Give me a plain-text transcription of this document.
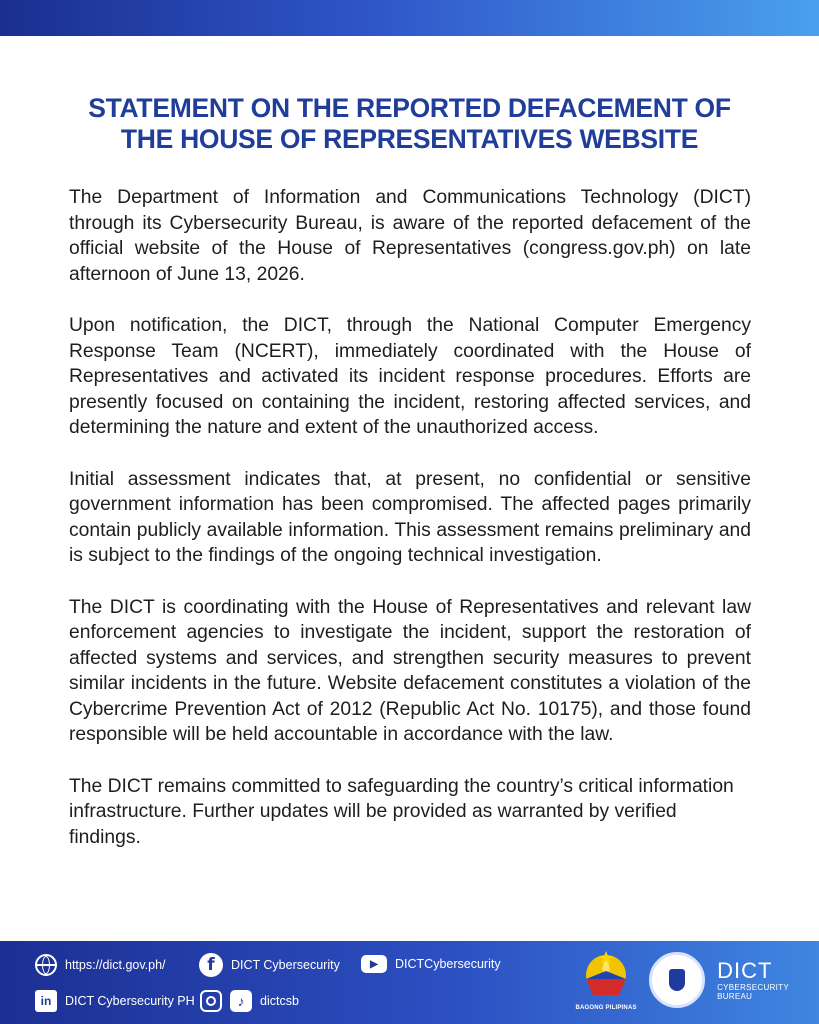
STATEMENT ON THE REPORTED DEFACEMENT OF
THE HOUSE OF REPRESENTATIVES WEBSITE

The Department of Information and Communications Technology (DICT) through its Cybersecurity Bureau, is aware of the reported defacement of the official website of the House of Representatives (congress.gov.ph) on late afternoon of June 13, 2026.

Upon notification, the DICT, through the National Computer Emergency Response Team (NCERT), immediately coordinated with the House of Representatives and activated its incident response procedures. Efforts are presently focused on containing the incident, restoring affected services, and determining the nature and extent of the unauthorized access.

Initial assessment indicates that, at present, no confidential or sensitive government information has been compromised. The affected pages primarily contain publicly available information. This assessment remains preliminary and is subject to the findings of the ongoing technical investigation.

The DICT is coordinating with the House of Representatives and relevant law enforcement agencies to investigate the incident, support the restoration of affected systems and services, and strengthen security measures to prevent similar incidents in the future. Website defacement constitutes a violation of the Cybercrime Prevention Act of 2012 (Republic Act No. 10175), and those found responsible will be held accountable in accordance with the law.

The DICT remains committed to safeguarding the country’s critical information infrastructure. Further updates will be provided as warranted by verified findings.

https://dict.gov.ph/	f	DICT Cybersecurity	▶	DICTCybersecurity
in	DICT Cybersecurity PH	♪	dictcsb	BAGONG PILIPINAS
DICT
CYBERSECURITY
BUREAU
